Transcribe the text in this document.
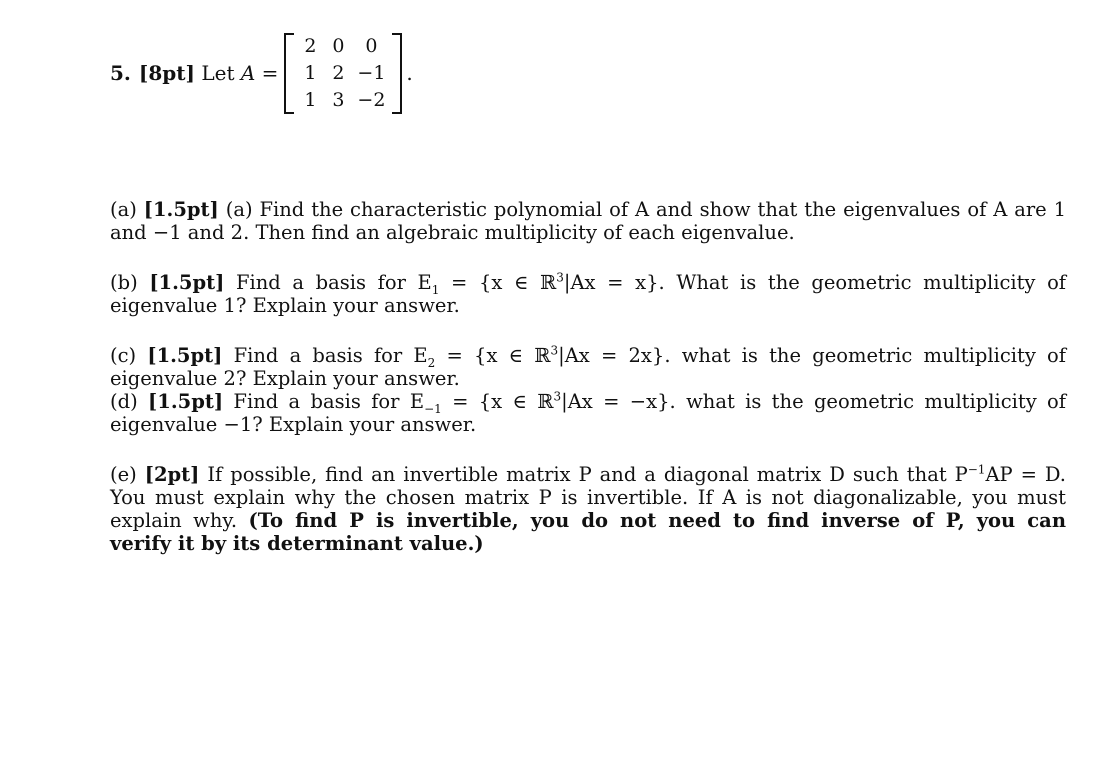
5. [8pt]
Let
A
=
2 0	0
1 2 −1
1 3 −2
.
(a) [1.5pt] (a) Find the characteristic polynomial of A and show that the eigenvalues of A are 1
and −1 and 2. Then find an algebraic multiplicity of each eigenvalue.
(b) [1.5pt] Find a basis for $E_1 = \{x$ ∈ ℝ$^3$|Ax = x}. What is the geometric multiplicity of
eigenvalue 1? Explain your answer.
(c) [1.5pt] Find a basis for $E_2 = \{x$ ∈ ℝ$^3$|Ax = 2x}. what is the geometric multiplicity of
eigenvalue 2? Explain your answer.
(d) [1.5pt] Find a basis for $E_{-1} = \{x$ ∈ ℝ$^3$|Ax = −x}. what is the geometric multiplicity of
eigenvalue −1? Explain your answer.
(e) [2pt] If possible, find an invertible matrix P and a diagonal matrix D such that $P^{-1}AP = D$.
You must explain why the chosen matrix P is invertible. If A is not diagonalizable, you must
explain why. (To find P is invertible, you do not need to find inverse of P, you can
verify it by its determinant value.)
